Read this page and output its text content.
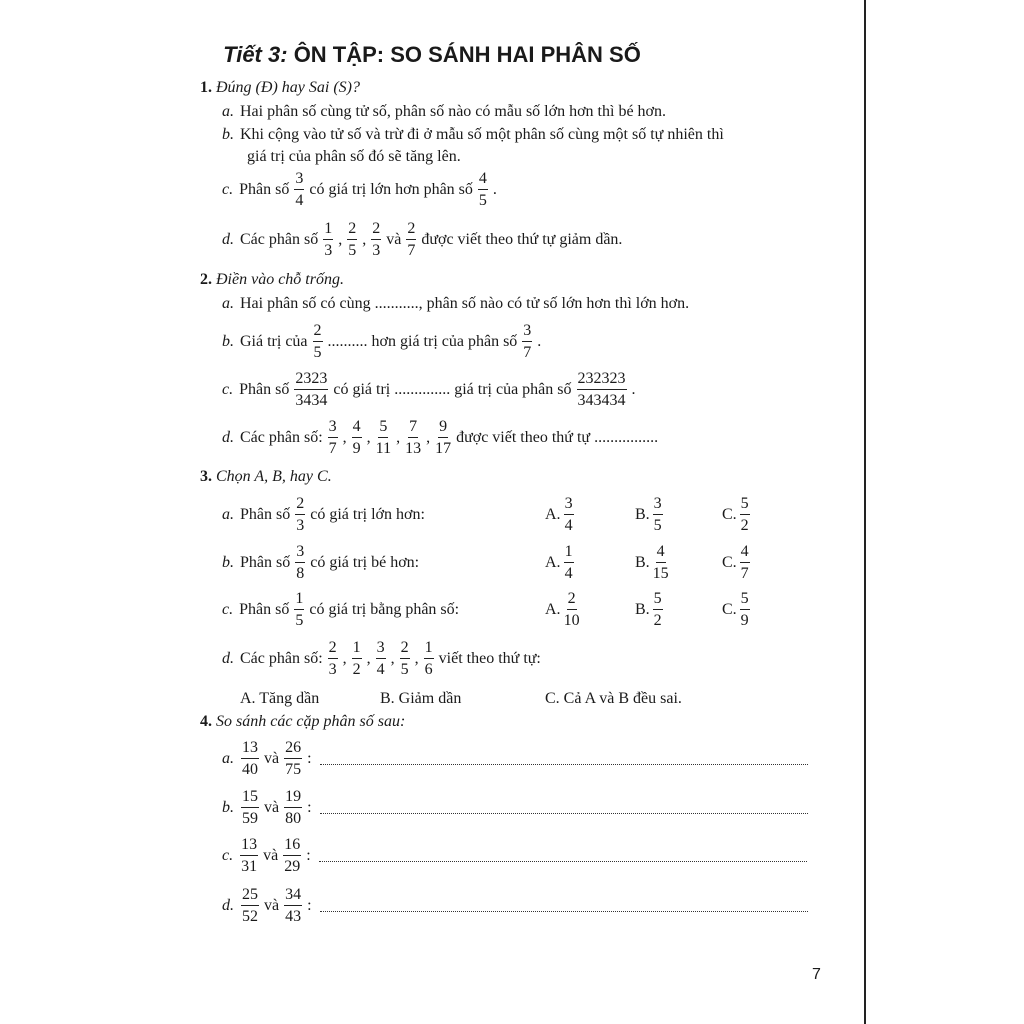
Tiết 3: ÔN TẬP: SO SÁNH HAI PHÂN SỐ
1. Đúng (Đ) hay Sai (S)?
a. Hai phân số cùng tử số, phân số nào có mẫu số lớn hơn thì bé hơn.
b. Khi cộng vào tử số và trừ đi ở mẫu số một phân số cùng một số tự nhiên thì
giá trị của phân số đó sẽ tăng lên.
c. Phân số $\frac{3}{4}$ có giá trị lớn hơn phân số $\frac{4}{5}$ .
d. Các phân số $\frac{1}{3}$ , $\frac{2}{5}$ , $\frac{2}{3}$ và $\frac{2}{7}$ được viết theo thứ tự giảm dần.
2. Điền vào chỗ trống.
a. Hai phân số có cùng ..........., phân số nào có tử số lớn hơn thì lớn hơn.
b. Giá trị của $\frac{2}{5}$ .......... hơn giá trị của phân số $\frac{3}{7}$ .
c. Phân số $\frac{2323}{3434}$ có giá trị .............. giá trị của phân số $\frac{232323}{343434}$ .
d. Các phân số: $\frac{3}{7}$ , $\frac{4}{9}$ , $\frac{5}{11}$ , $\frac{7}{13}$ , $\frac{9}{17}$ được viết theo thứ tự ................
3. Chọn A, B, hay C.
a. Phân số $\frac{2}{3}$ có giá trị lớn hơn:	A. $\frac{3}{4}$	B. $\frac{3}{5}$	C. $\frac{5}{2}$
b. Phân số $\frac{3}{8}$ có giá trị bé hơn:	A. $\frac{1}{4}$	B. $\frac{4}{15}$	C. $\frac{4}{7}$
c. Phân số $\frac{1}{5}$ có giá trị bằng phân số:	A. $\frac{2}{10}$	B. $\frac{5}{2}$	C. $\frac{5}{9}$
d. Các phân số: $\frac{2}{3}$ , $\frac{1}{2}$ , $\frac{3}{4}$ , $\frac{2}{5}$ , $\frac{1}{6}$ viết theo thứ tự:
A. Tăng dần	B. Giảm dần	C. Cả A và B đều sai.
4. So sánh các cặp phân số sau:
a. $\frac{13}{40}$ và $\frac{26}{75}$ :
b. $\frac{15}{59}$ và $\frac{19}{80}$ :
c. $\frac{13}{31}$ và $\frac{16}{29}$ :
d. $\frac{25}{52}$ và $\frac{34}{43}$ :
7
